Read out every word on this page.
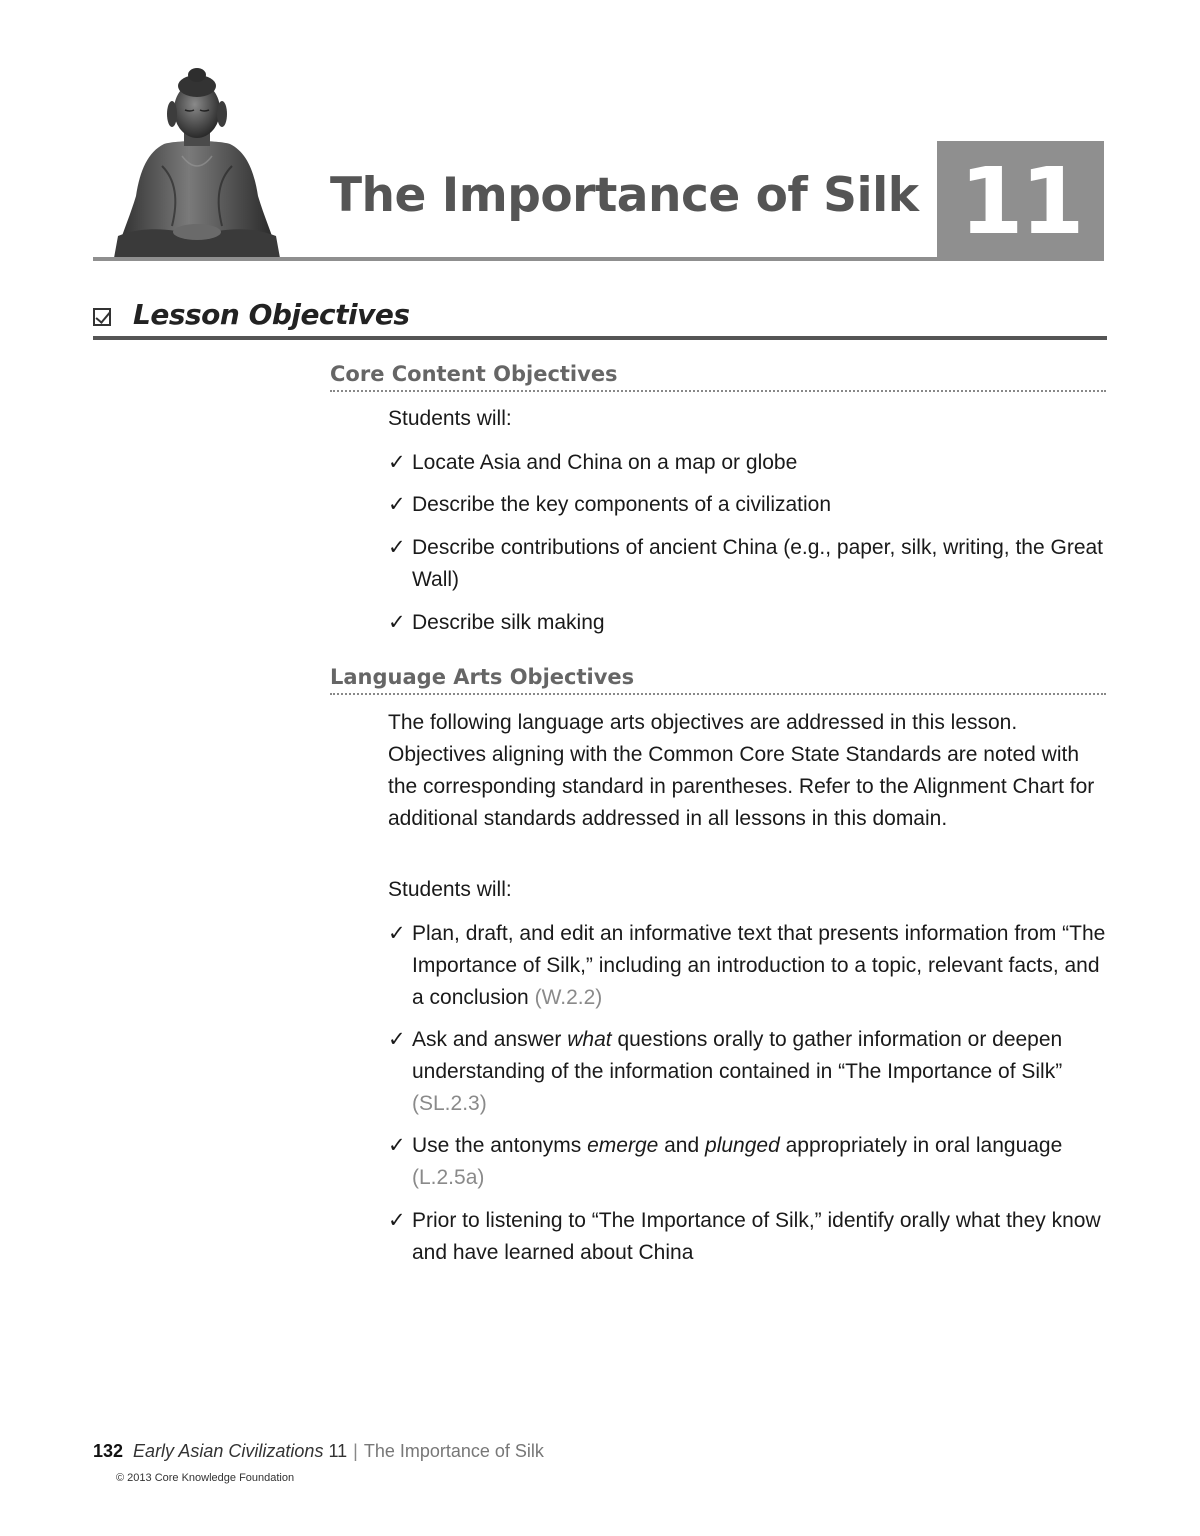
The Importance of Silk 11
Lesson Objectives
Core Content Objectives

Students will:

✓ Locate Asia and China on a map or globe
✓ Describe the key components of a civilization
✓ Describe contributions of ancient China (e.g., paper, silk, writing, the Great Wall)
✓ Describe silk making
Language Arts Objectives

The following language arts objectives are addressed in this lesson. Objectives aligning with the Common Core State Standards are noted with the corresponding standard in parentheses. Refer to the Alignment Chart for additional standards addressed in all lessons in this domain.

Students will:

✓ Plan, draft, and edit an informative text that presents information from “The Importance of Silk,” including an introduction to a topic, relevant facts, and a conclusion (W.2.2)
✓ Ask and answer what questions orally to gather information or deepen understanding of the information contained in “The Importance of Silk” (SL.2.3)
✓ Use the antonyms emerge and plunged appropriately in oral language (L.2.5a)
✓ Prior to listening to “The Importance of Silk,” identify orally what they know and have learned about China
132 Early Asian Civilizations 11 | The Importance of Silk
© 2013 Core Knowledge Foundation
